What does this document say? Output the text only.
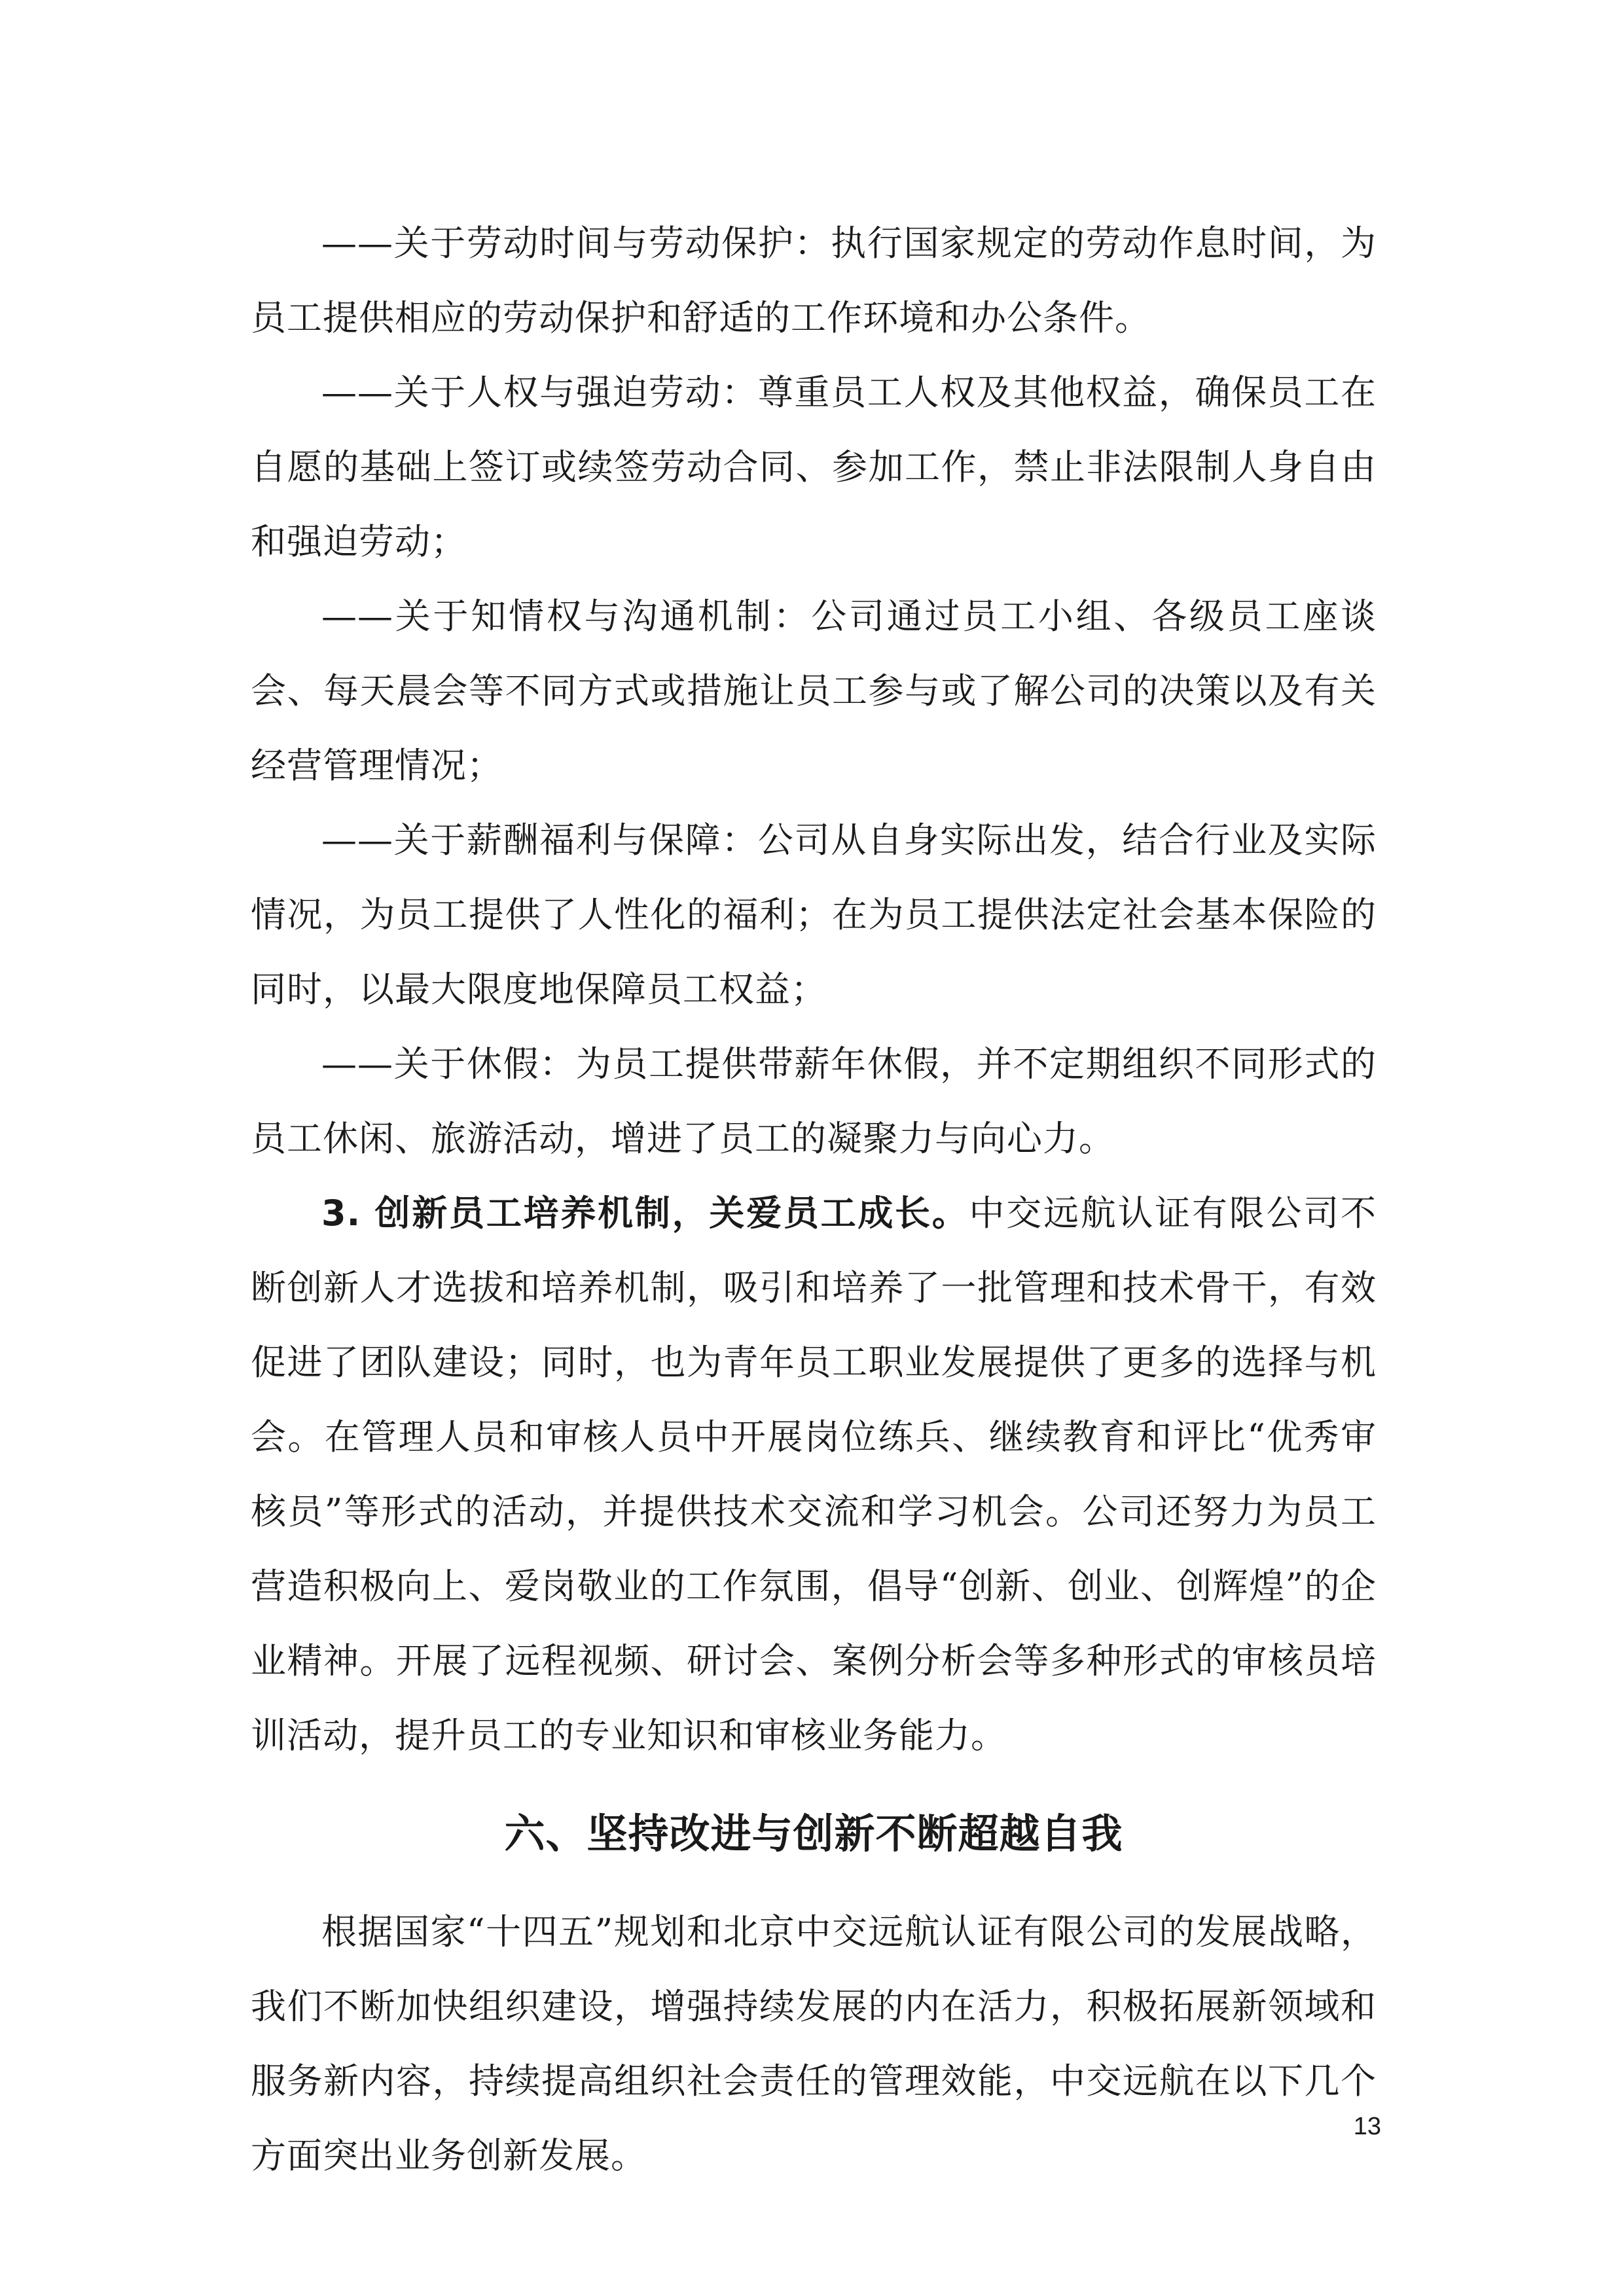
——关于劳动时间与劳动保护：执行国家规定的劳动作息时间，为员工提供相应的劳动保护和舒适的工作环境和办公条件。

——关于人权与强迫劳动：尊重员工人权及其他权益，确保员工在自愿的基础上签订或续签劳动合同、参加工作，禁止非法限制人身自由和强迫劳动；

——关于知情权与沟通机制：公司通过员工小组、各级员工座谈会、每天晨会等不同方式或措施让员工参与或了解公司的决策以及有关经营管理情况；

——关于薪酬福利与保障：公司从自身实际出发，结合行业及实际情况，为员工提供了人性化的福利；在为员工提供法定社会基本保险的同时，以最大限度地保障员工权益；

——关于休假：为员工提供带薪年休假，并不定期组织不同形式的员工休闲、旅游活动，增进了员工的凝聚力与向心力。

3. 创新员工培养机制，关爱员工成长。中交远航认证有限公司不断创新人才选拔和培养机制，吸引和培养了一批管理和技术骨干，有效促进了团队建设；同时，也为青年员工职业发展提供了更多的选择与机会。在管理人员和审核人员中开展岗位练兵、继续教育和评比“优秀审核员”等形式的活动，并提供技术交流和学习机会。公司还努力为员工营造积极向上、爱岗敬业的工作氛围，倡导“创新、创业、创辉煌”的企业精神。开展了远程视频、研讨会、案例分析会等多种形式的审核员培训活动，提升员工的专业知识和审核业务能力。

六、坚持改进与创新不断超越自我

根据国家“十四五”规划和北京中交远航认证有限公司的发展战略，我们不断加快组织建设，增强持续发展的内在活力，积极拓展新领域和服务新内容，持续提高组织社会责任的管理效能，中交远航在以下几个方面突出业务创新发展。

13
